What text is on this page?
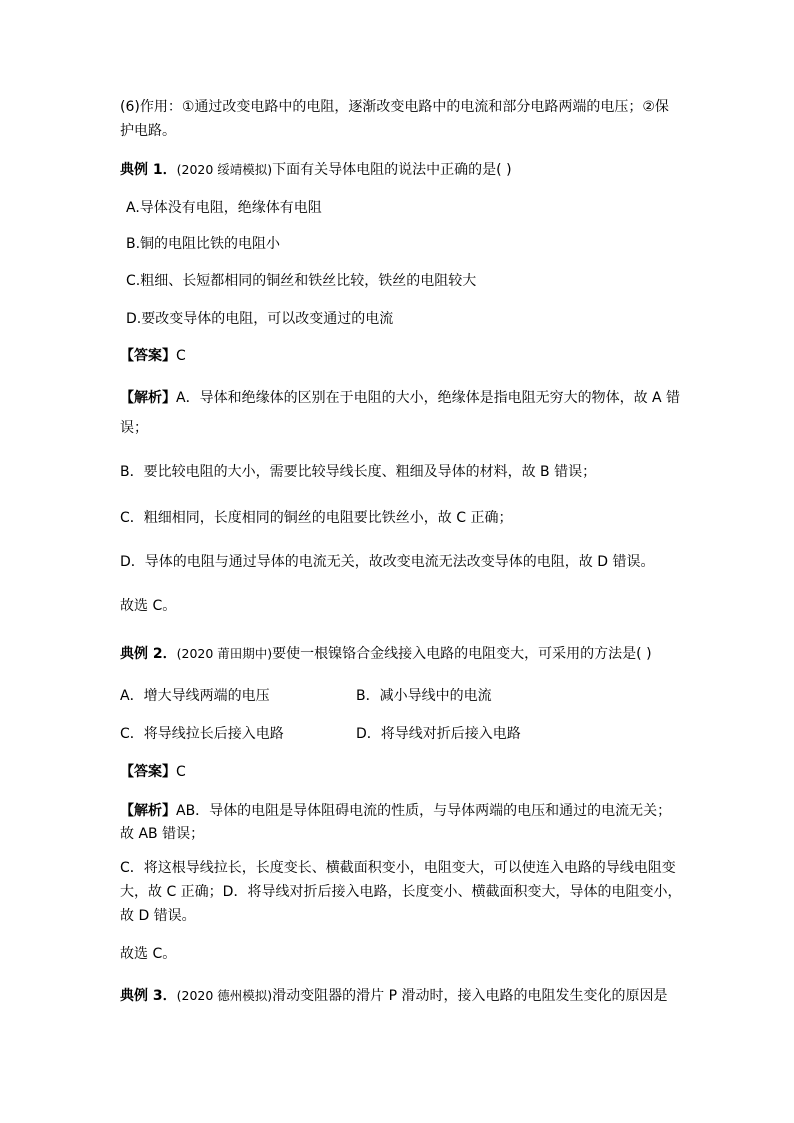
(6)作用：①通过改变电路中的电阻，逐渐改变电路中的电流和部分电路两端的电压；②保
护电路。
典例 1．(2020 绥靖模拟)下面有关导体电阻的说法中正确的是( )
A.导体没有电阻，绝缘体有电阻
B.铜的电阻比铁的电阻小
C.粗细、长短都相同的铜丝和铁丝比较，铁丝的电阻较大
D.要改变导体的电阻，可以改变通过的电流
【答案】C
【解析】A．导体和绝缘体的区别在于电阻的大小，绝缘体是指电阻无穷大的物体，故 A 错
误；
B．要比较电阻的大小，需要比较导线长度、粗细及导体的材料，故 B 错误；
C．粗细相同，长度相同的铜丝的电阻要比铁丝小，故 C 正确；
D．导体的电阻与通过导体的电流无关，故改变电流无法改变导体的电阻，故 D 错误。
故选 C。
典例 2．(2020 莆田期中)要使一根镍铬合金线接入电路的电阻变大，可采用的方法是( )
A．增大导线两端的电压	B．减小导线中的电流
C．将导线拉长后接入电路	D．将导线对折后接入电路
【答案】C
【解析】AB．导体的电阻是导体阻碍电流的性质，与导体两端的电压和通过的电流无关；
故 AB 错误；
C．将这根导线拉长，长度变长、横截面积变小，电阻变大，可以使连入电路的导线电阻变
大，故 C 正确；D．将导线对折后接入电路，长度变小、横截面积变大，导体的电阻变小，
故 D 错误。
故选 C。
典例 3．(2020 德州模拟)滑动变阻器的滑片 P 滑动时，接入电路的电阻发生变化的原因是
